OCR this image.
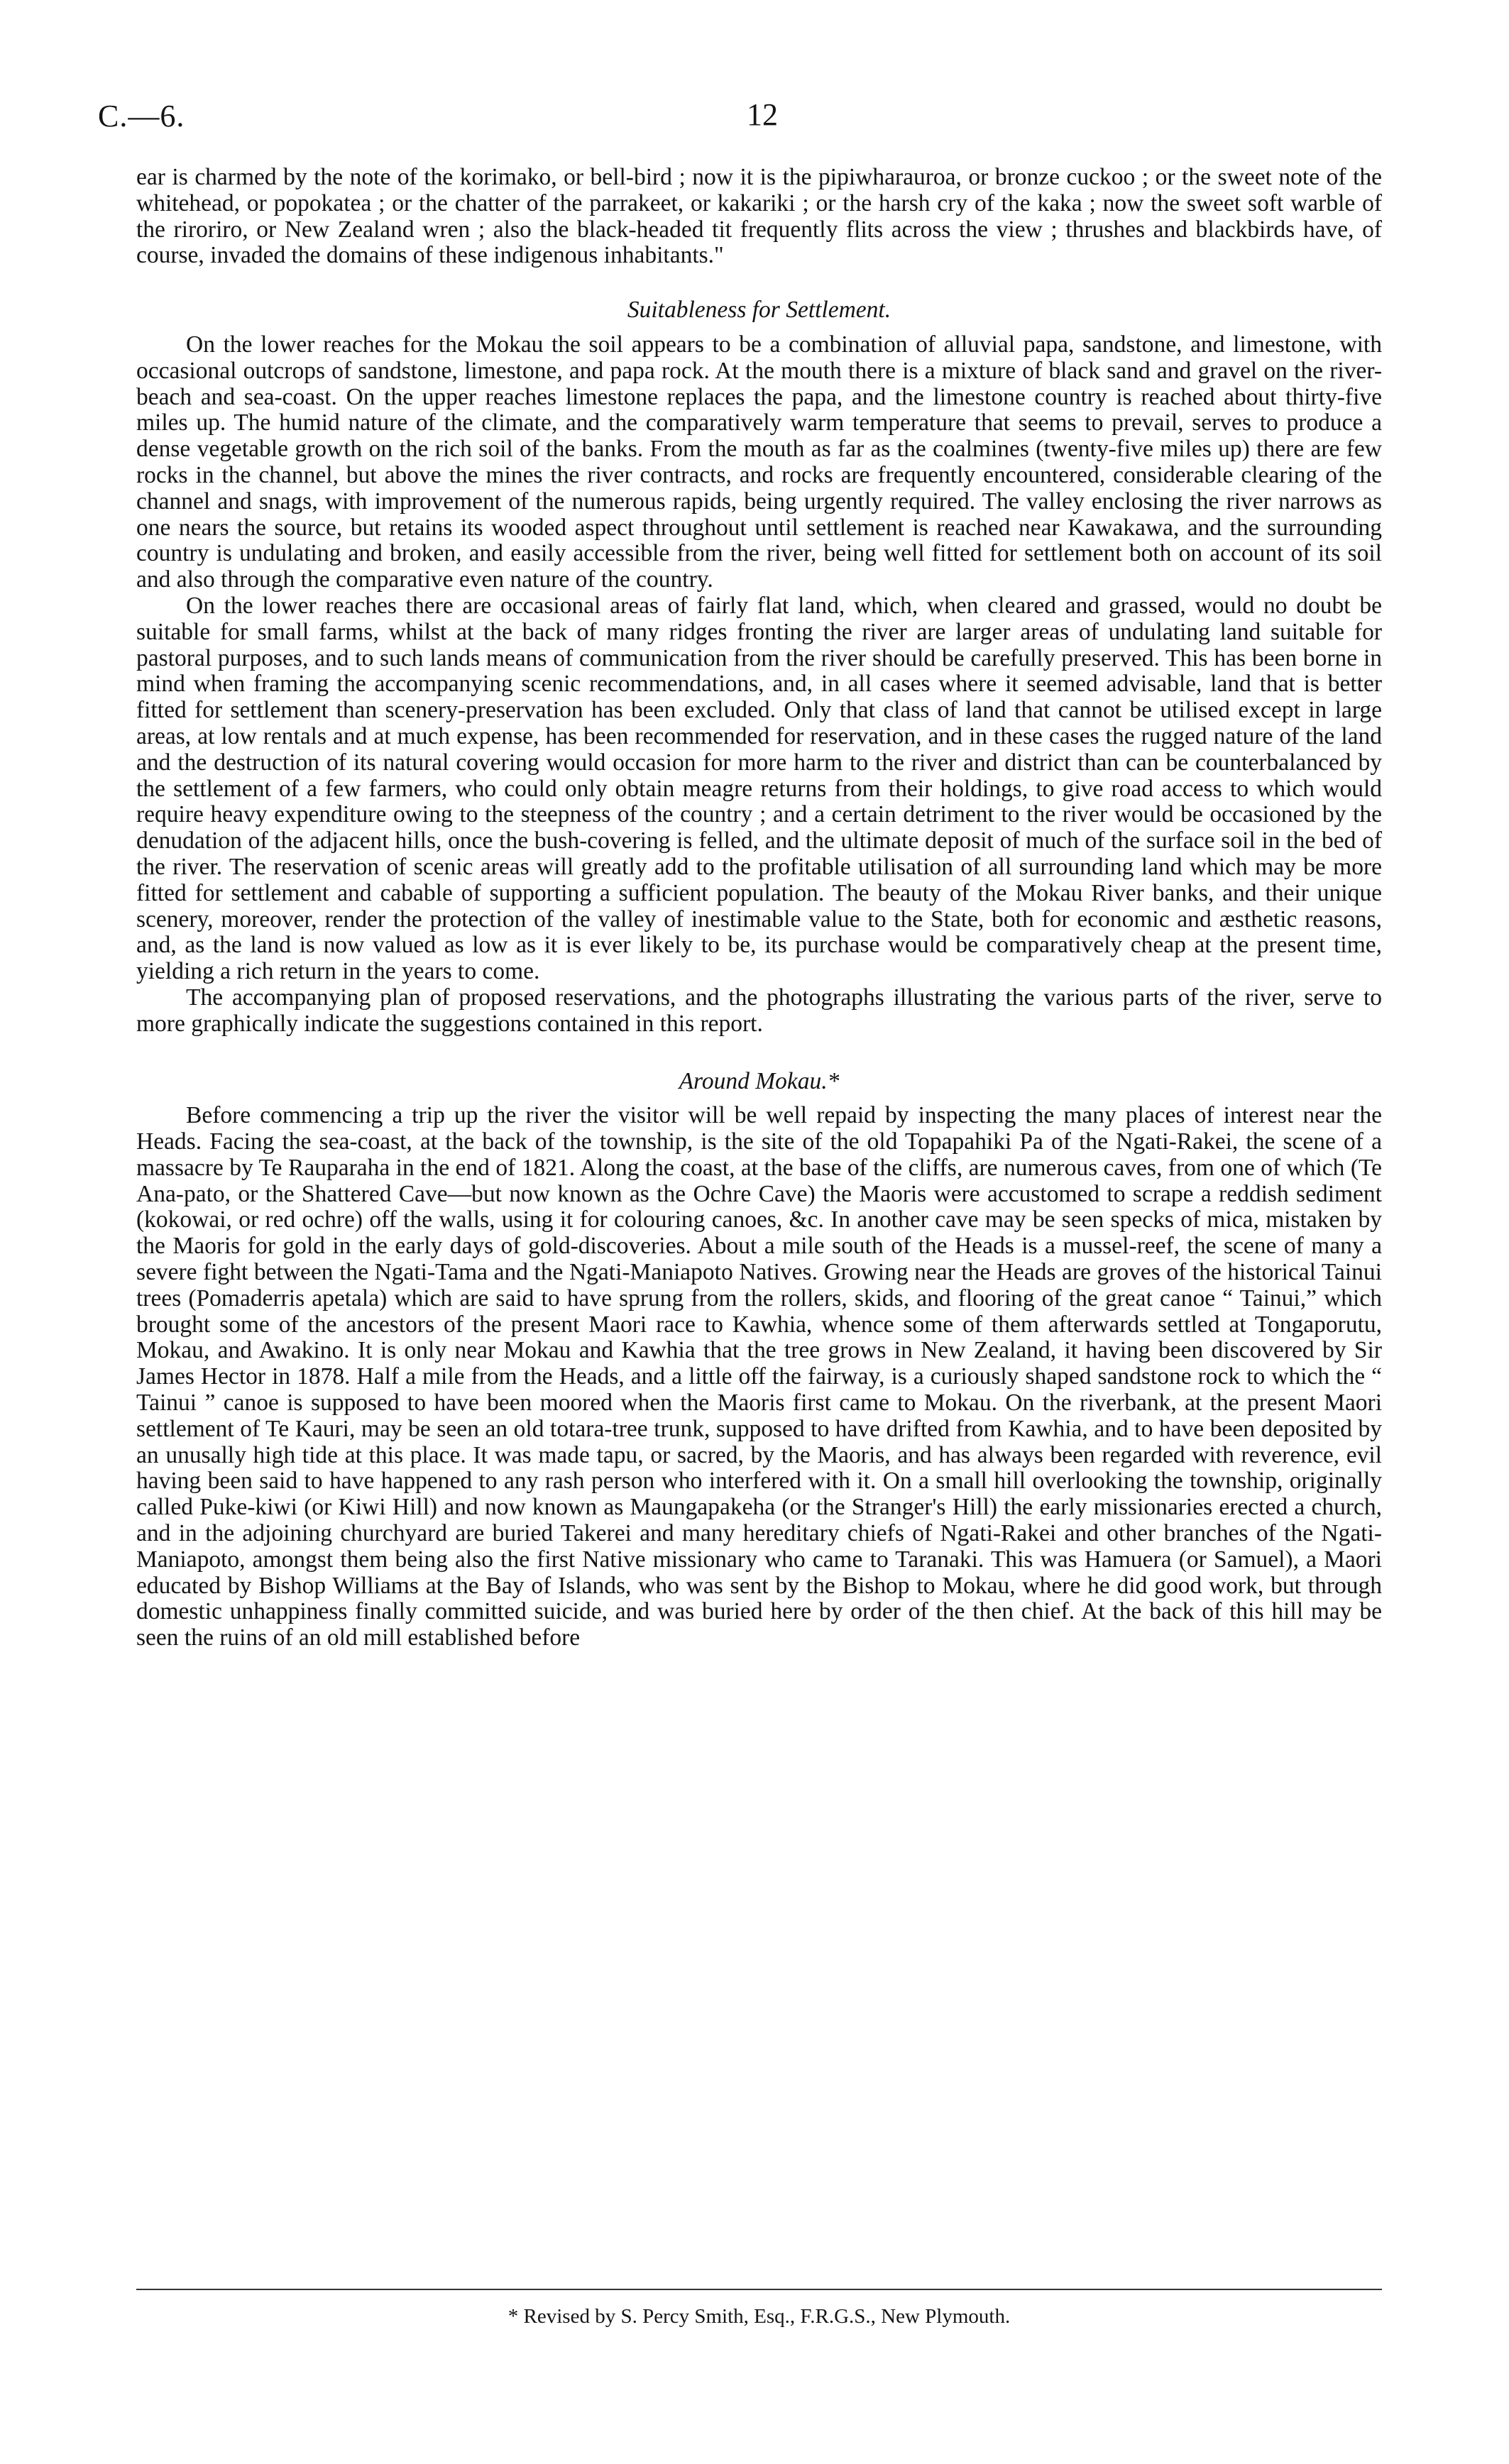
C.—6.	12

ear is charmed by the note of the korimako, or bell-bird ; now it is the pipiwharauroa, or bronze cuckoo ; or the sweet note of the whitehead, or popokatea ; or the chatter of the parrakeet, or kakariki ; or the harsh cry of the kaka ; now the sweet soft warble of the riroriro, or New Zealand wren ; also the black-headed tit frequently flits across the view ; thrushes and blackbirds have, of course, invaded the domains of these indigenous inhabitants."

Suitableness for Settlement.

On the lower reaches for the Mokau the soil appears to be a combination of alluvial papa, sandstone, and limestone, with occasional outcrops of sandstone, limestone, and papa rock. At the mouth there is a mixture of black sand and gravel on the river-beach and sea-coast. On the upper reaches limestone replaces the papa, and the limestone country is reached about thirty-five miles up. The humid nature of the climate, and the comparatively warm temperature that seems to prevail, serves to produce a dense vegetable growth on the rich soil of the banks. From the mouth as far as the coalmines (twenty-five miles up) there are few rocks in the channel, but above the mines the river contracts, and rocks are frequently encountered, considerable clearing of the channel and snags, with improvement of the numerous rapids, being urgently required. The valley enclosing the river narrows as one nears the source, but retains its wooded aspect throughout until settlement is reached near Kawakawa, and the surrounding country is undulating and broken, and easily accessible from the river, being well fitted for settlement both on account of its soil and also through the comparative even nature of the country.

On the lower reaches there are occasional areas of fairly flat land, which, when cleared and grassed, would no doubt be suitable for small farms, whilst at the back of many ridges fronting the river are larger areas of undulating land suitable for pastoral purposes, and to such lands means of communication from the river should be carefully preserved. This has been borne in mind when framing the accompanying scenic recommendations, and, in all cases where it seemed advisable, land that is better fitted for settlement than scenery-preservation has been excluded. Only that class of land that cannot be utilised except in large areas, at low rentals and at much expense, has been recommended for reservation, and in these cases the rugged nature of the land and the destruction of its natural covering would occasion for more harm to the river and district than can be counterbalanced by the settlement of a few farmers, who could only obtain meagre returns from their holdings, to give road access to which would require heavy expenditure owing to the steepness of the country ; and a certain detriment to the river would be occasioned by the denudation of the adjacent hills, once the bush-covering is felled, and the ultimate deposit of much of the surface soil in the bed of the river. The reservation of scenic areas will greatly add to the profitable utilisation of all surrounding land which may be more fitted for settlement and cabable of supporting a sufficient population. The beauty of the Mokau River banks, and their unique scenery, moreover, render the protection of the valley of inestimable value to the State, both for economic and æsthetic reasons, and, as the land is now valued as low as it is ever likely to be, its purchase would be comparatively cheap at the present time, yielding a rich return in the years to come.

The accompanying plan of proposed reservations, and the photographs illustrating the various parts of the river, serve to more graphically indicate the suggestions contained in this report.

Around Mokau.*

Before commencing a trip up the river the visitor will be well repaid by inspecting the many places of interest near the Heads. Facing the sea-coast, at the back of the township, is the site of the old Topapahiki Pa of the Ngati-Rakei, the scene of a massacre by Te Rauparaha in the end of 1821. Along the coast, at the base of the cliffs, are numerous caves, from one of which (Te Ana-pato, or the Shattered Cave—but now known as the Ochre Cave) the Maoris were accustomed to scrape a reddish sediment (kokowai, or red ochre) off the walls, using it for colouring canoes, &c. In another cave may be seen specks of mica, mistaken by the Maoris for gold in the early days of gold-discoveries. About a mile south of the Heads is a mussel-reef, the scene of many a severe fight between the Ngati-Tama and the Ngati-Maniapoto Natives. Growing near the Heads are groves of the historical Tainui trees (Pomaderris apetala) which are said to have sprung from the rollers, skids, and flooring of the great canoe “ Tainui,” which brought some of the ancestors of the present Maori race to Kawhia, whence some of them afterwards settled at Tongaporutu, Mokau, and Awakino. It is only near Mokau and Kawhia that the tree grows in New Zealand, it having been discovered by Sir James Hector in 1878. Half a mile from the Heads, and a little off the fairway, is a curiously shaped sandstone rock to which the “ Tainui ” canoe is supposed to have been moored when the Maoris first came to Mokau. On the riverbank, at the present Maori settlement of Te Kauri, may be seen an old totara-tree trunk, supposed to have drifted from Kawhia, and to have been deposited by an unusally high tide at this place. It was made tapu, or sacred, by the Maoris, and has always been regarded with reverence, evil having been said to have happened to any rash person who interfered with it. On a small hill overlooking the township, originally called Puke-kiwi (or Kiwi Hill) and now known as Maungapakeha (or the Stranger's Hill) the early missionaries erected a church, and in the adjoining churchyard are buried Takerei and many hereditary chiefs of Ngati-Rakei and other branches of the Ngati-Maniapoto, amongst them being also the first Native missionary who came to Taranaki. This was Hamuera (or Samuel), a Maori educated by Bishop Williams at the Bay of Islands, who was sent by the Bishop to Mokau, where he did good work, but through domestic unhappiness finally committed suicide, and was buried here by order of the then chief. At the back of this hill may be seen the ruins of an old mill established before

* Revised by S. Percy Smith, Esq., F.R.G.S., New Plymouth.
